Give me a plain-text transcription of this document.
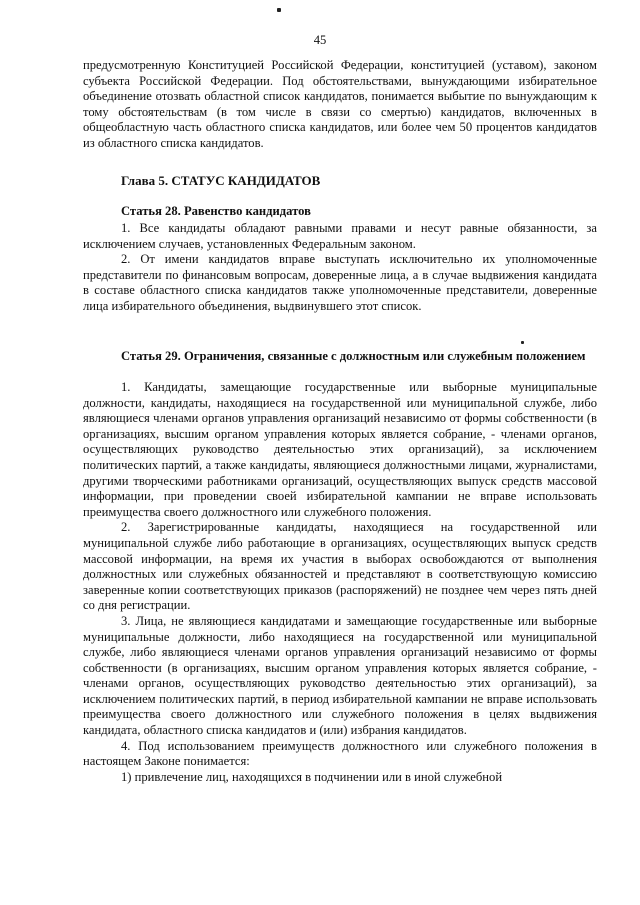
45

предусмотренную Конституцией Российской Федерации, конституцией (уставом), законом субъекта Российской Федерации. Под обстоятельствами, вынуждающими избирательное объединение отозвать областной список кандидатов, понимается выбытие по вынуждающим к тому обстоятельствам (в том числе в связи со смертью) кандидатов, включенных в общеобластную часть областного списка кандидатов, или более чем 50 процентов кандидатов из областного списка кандидатов.

Глава 5. СТАТУС КАНДИДАТОВ
Статья 28. Равенство кандидатов

1. Все кандидаты обладают равными правами и несут равные обязанности, за исключением случаев, установленных Федеральным законом.

2. От имени кандидатов вправе выступать исключительно их уполномоченные представители по финансовым вопросам, доверенные лица, а в случае выдвижения кандидата в составе областного списка кандидатов также уполномоченные представители, доверенные лица избирательного объединения, выдвинувшего этот список.

Статья 29. Ограничения, связанные с должностным или служебным положением

1. Кандидаты, замещающие государственные или выборные муниципальные должности, кандидаты, находящиеся на государственной или муниципальной службе, либо являющиеся членами органов управления организаций независимо от формы собственности (в организациях, высшим органом управления которых является собрание, - членами органов, осуществляющих руководство деятельностью этих организаций), за исключением политических партий, а также кандидаты, являющиеся должностными лицами, журналистами, другими творческими работниками организаций, осуществляющих выпуск средств массовой информации, при проведении своей избирательной кампании не вправе использовать преимущества своего должностного или служебного положения.

2. Зарегистрированные кандидаты, находящиеся на государственной или муниципальной службе либо работающие в организациях, осуществляющих выпуск средств массовой информации, на время их участия в выборах освобождаются от выполнения должностных или служебных обязанностей и представляют в соответствующую комиссию заверенные копии соответствующих приказов (распоряжений) не позднее чем через пять дней со дня регистрации.

3. Лица, не являющиеся кандидатами и замещающие государственные или выборные муниципальные должности, либо находящиеся на государственной или муниципальной службе, либо являющиеся членами органов управления организаций независимо от формы собственности (в организациях, высшим органом управления которых является собрание, - членами органов, осуществляющих руководство деятельностью этих организаций), за исключением политических партий, в период избирательной кампании не вправе использовать преимущества своего должностного или служебного положения в целях выдвижения кандидата, областного списка кандидатов и (или) избрания кандидатов.

4. Под использованием преимуществ должностного или служебного положения в настоящем Законе понимается:

1) привлечение лиц, находящихся в подчинении или в иной служебной
